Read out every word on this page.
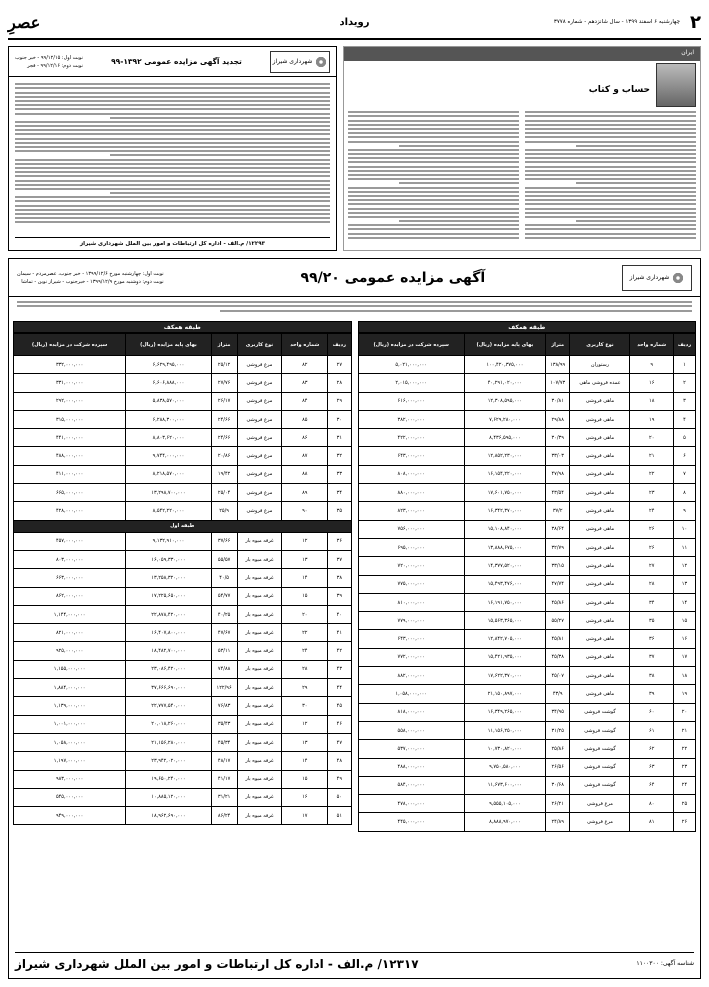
۲
چهارشنبه ۶ اسفند ۱۳۹۹ - سال شانزدهم - شماره ۳۷۷۸
رویداد
عصرِ
ایران
حساب و کتاب
شهرداری شیراز
تجدید آگهی مزایده عمومی ۱۳۹۲-۹۹
نوبت اول: ۹۹/۱۲/۱۵ - خبر جنوب
نوبت دوم: ۹۹/۱۲/۱۶ - فجر
۱۲۲۹۳/ م.الف - اداره کل ارتباطات و امور بین الملل شهرداری شیراز
شهرداری شیراز
آگهی مزایده عمومی ۹۹/۲۰
نوبت اول: چهارشنبه مورخ ۱۳۹۹/۱۲/۶ - خبر جنوب، عصرمردم - سیمان
نوبت دوم: دوشنبه مورخ ۱۳۹۹/۱۲/۹ - خبرجنوب - شیراز نوین - تماشا
طبقه همکف
ردیف	شماره واحد	نوع کاربری	متراژ	بهای پایه مزایده (ریال)	سپرده شرکت در مزایده (ریال)
۱	۹	رستوران	۱۳۸/۹۹	۱۰۰,۴۲۰,۳۷۵,۰۰۰	۵,۰۲۱,۰۰۰,۰۰۰
۲	۱۶	عمده فروشی ماهی	۱۰۷/۷۳	۴۰,۲۹۱,۰۲۰,۰۰۰	۲,۰۱۵,۰۰۰,۰۰۰
۳	۱۸	ماهی فروشی	۳۰/۸۱	۱۲,۳۰۸,۵۹۵,۰۰۰	۶۱۶,۰۰۰,۰۰۰
۴	۱۹	ماهی فروشی	۲۹/۸۸	۷,۶۲۹,۲۸۰,۰۰۰	۳۸۲,۰۰۰,۰۰۰
۵	۲۰	ماهی فروشی	۳۰/۳۹	۸,۴۳۶,۵۹۵,۰۰۰	۴۲۲,۰۰۰,۰۰۰
۶	۲۱	ماهی فروشی	۳۳/۰۳	۱۲,۸۵۲,۲۳۰,۰۰۰	۶۴۳,۰۰۰,۰۰۰
۷	۲۲	ماهی فروشی	۴۷/۹۸	۱۶,۱۵۴,۲۲۰,۰۰۰	۸۰۸,۰۰۰,۰۰۰
۸	۲۳	ماهی فروشی	۴۳/۵۴	۱۷,۶۰۱,۷۵۰,۰۰۰	۸۸۰,۰۰۰,۰۰۰
۹	۲۴	ماهی فروشی	۳۷/۲	۱۶,۳۴۲,۳۷۰,۰۰۰	۸۲۳,۰۰۰,۰۰۰
۱۰	۲۶	ماهی فروشی	۳۸/۶۴	۱۵,۱۰۸,۸۴۰,۰۰۰	۷۵۶,۰۰۰,۰۰۰
۱۱	۲۶	ماهی فروشی	۳۲/۷۹	۱۳,۸۸۸,۶۷۵,۰۰۰	۶۹۵,۰۰۰,۰۰۰
۱۲	۲۷	ماهی فروشی	۳۳/۱۵	۱۴,۳۷۷,۵۲۰,۰۰۰	۷۲۰,۰۰۰,۰۰۰
۱۳	۲۸	ماهی فروشی	۴۷/۷۴	۱۵,۴۹۳,۴۷۶,۰۰۰	۷۷۵,۰۰۰,۰۰۰
۱۴	۳۴	ماهی فروشی	۴۵/۸۶	۱۶,۱۹۱,۷۵۰,۰۰۰	۸۱۰,۰۰۰,۰۰۰
۱۵	۳۵	ماهی فروشی	۵۵/۲۷	۱۵,۵۶۳,۳۶۵,۰۰۰	۷۷۹,۰۰۰,۰۰۰
۱۶	۳۶	ماهی فروشی	۴۵/۸۱	۱۲,۸۴۲,۷۰۵,۰۰۰	۶۴۳,۰۰۰,۰۰۰
۱۷	۳۷	ماهی فروشی	۴۵/۳۸	۱۵,۴۲۱,۹۳۵,۰۰۰	۷۷۲,۰۰۰,۰۰۰
۱۸	۳۸	ماهی فروشی	۴۵/۰۷	۱۷,۶۲۲,۳۷۰,۰۰۰	۸۸۲,۰۰۰,۰۰۰
۱۹	۳۹	ماهی فروشی	۴۳/۹	۲۱,۱۵۰,۸۹۷,۰۰۰	۱,۰۵۸,۰۰۰,۰۰۰
۲۰	۶۰	گوشت فروشی	۳۴/۹۵	۱۶,۳۴۹,۲۶۵,۰۰۰	۸۱۸,۰۰۰,۰۰۰
۲۱	۶۱	گوشت فروشی	۳۱/۲۵	۱۱,۱۵۶,۲۵۰,۰۰۰	۵۵۸,۰۰۰,۰۰۰
۲۲	۶۲	گوشت فروشی	۲۵/۸۶	۱۰,۷۳۰,۸۲۰,۰۰۰	۵۳۷,۰۰۰,۰۰۰
۲۳	۶۳	گوشت فروشی	۲۶/۵۶	۹,۷۵۰,۵۸۰,۰۰۰	۴۸۸,۰۰۰,۰۰۰
۲۴	۶۴	گوشت فروشی	۳۰/۶۸	۱۱,۶۷۳,۶۰۰,۰۰۰	۵۸۴,۰۰۰,۰۰۰
۲۵	۸۰	مرغ فروشی	۲۶/۲۱	۹,۵۵۵,۱۰۵,۰۰۰	۴۷۸,۰۰۰,۰۰۰
۲۶	۸۱	مرغ فروشی	۲۴/۸۹	۸,۸۸۸,۹۷۰,۰۰۰	۴۴۵,۰۰۰,۰۰۰
طبقه همکف
ردیف	شماره واحد	نوع کاربری	متراژ	بهای پایه مزایده (ریال)	سپرده شرکت در مزایده (ریال)
۲۷	۸۲	مرغ فروشی	۲۵/۱۲	۶,۶۲۹,۴۹۵,۰۰۰	۳۳۲,۰۰۰,۰۰۰
۲۸	۸۳	مرغ فروشی	۲۷/۷۶	۶,۶۰۶,۸۸۸,۰۰۰	۳۳۱,۰۰۰,۰۰۰
۲۹	۸۴	مرغ فروشی	۲۶/۱۷	۵,۸۳۸,۵۷۰,۰۰۰	۲۹۲,۰۰۰,۰۰۰
۳۰	۸۵	مرغ فروشی	۲۴/۶۶	۶,۲۸۸,۳۰۰,۰۰۰	۳۱۵,۰۰۰,۰۰۰
۳۱	۸۶	مرغ فروشی	۲۴/۶۶	۸,۸۰۳,۶۲۰,۰۰۰	۴۴۱,۰۰۰,۰۰۰
۳۲	۸۷	مرغ فروشی	۲۰/۸۶	۹,۷۴۴,۰۰۰,۰۰۰	۴۸۸,۰۰۰,۰۰۰
۳۳	۸۸	مرغ فروشی	۱۹/۴۲	۸,۲۱۸,۵۷۰,۰۰۰	۴۱۱,۰۰۰,۰۰۰
۳۴	۸۹	مرغ فروشی	۲۵/۰۴	۱۳,۲۹۸,۷۰۰,۰۰۰	۶۶۵,۰۰۰,۰۰۰
۳۵	۹۰	مرغ فروشی	۲۵/۹	۸,۵۴۲,۲۲۰,۰۰۰	۴۲۸,۰۰۰,۰۰۰
طبقه اول					
۳۶	۱۲	غرفه میوه بار	۳۷/۶۶	۹,۱۳۲,۹۱۰,۰۰۰	۴۵۷,۰۰۰,۰۰۰
۳۷	۱۳	غرفه میوه بار	۵۵/۵۷	۱۶,۰۵۹,۳۳۰,۰۰۰	۸۰۳,۰۰۰,۰۰۰
۳۸	۱۴	غرفه میوه بار	۴۰/۵	۱۳,۲۵۸,۳۲۰,۰۰۰	۶۶۳,۰۰۰,۰۰۰
۳۹	۱۵	غرفه میوه بار	۵۴/۷۷	۱۷,۲۲۵,۶۵۰,۰۰۰	۸۶۲,۰۰۰,۰۰۰
۴۰	۲۰	غرفه میوه بار	۴۰/۲۵	۲۲,۸۷۸,۴۲۰,۰۰۰	۱,۱۴۴,۰۰۰,۰۰۰
۴۱	۲۲	غرفه میوه بار	۴۷/۶۷	۱۶,۴۰۷,۸۰۰,۰۰۰	۸۲۱,۰۰۰,۰۰۰
۴۲	۲۴	غرفه میوه بار	۵۳/۱۱	۱۸,۴۸۲,۷۰۰,۰۰۰	۹۲۵,۰۰۰,۰۰۰
۴۳	۲۸	غرفه میوه بار	۷۴/۸۸	۲۳,۰۸۶,۴۲۰,۰۰۰	۱,۱۵۵,۰۰۰,۰۰۰
۴۴	۲۹	غرفه میوه بار	۱۲۲/۹۶	۳۷,۶۶۶,۶۹۰,۰۰۰	۱,۸۸۴,۰۰۰,۰۰۰
۴۵	۳۰	غرفه میوه بار	۷۶/۸۳	۲۲,۷۷۷,۵۴۰,۰۰۰	۱,۱۳۹,۰۰۰,۰۰۰
۴۶	۱۲	غرفه میوه بار	۳۵/۴۳	۲۰,۰۱۸,۲۶۰,۰۰۰	۱,۰۰۱,۰۰۰,۰۰۰
۴۷	۱۳	غرفه میوه بار	۴۵/۳۴	۲۱,۱۵۶,۲۸۰,۰۰۰	۱,۰۵۸,۰۰۰,۰۰۰
۴۸	۱۴	غرفه میوه بار	۴۸/۱۷	۲۳,۹۴۲,۰۲۰,۰۰۰	۱,۱۹۷,۰۰۰,۰۰۰
۴۹	۱۵	غرفه میوه بار	۴۱/۱۷	۱۹,۶۵۰,۲۴۰,۰۰۰	۹۸۳,۰۰۰,۰۰۰
۵۰	۱۶	غرفه میوه بار	۳۱/۲۱	۱۰,۸۸۵,۱۲۰,۰۰۰	۵۴۵,۰۰۰,۰۰۰
۵۱	۱۷	غرفه میوه بار	۸۶/۲۴	۱۸,۹۶۲,۶۹۰,۰۰۰	۹۴۹,۰۰۰,۰۰۰
شناسه آگهی: ۱۱۰۰۳۰۰
۱۲۳۱۷/ م.الف - اداره کل ارتباطات و امور بین الملل شهرداری شیراز
